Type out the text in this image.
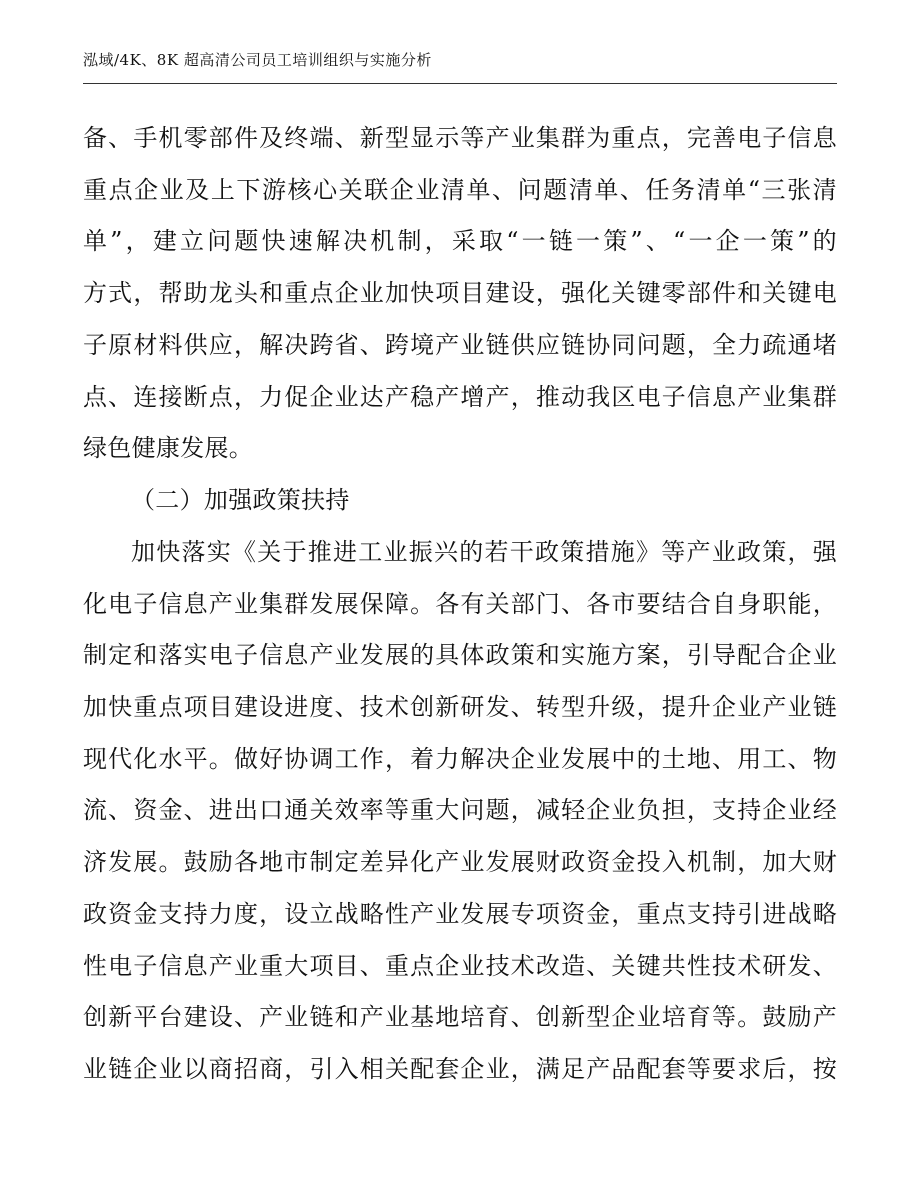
泓域/4K、8K 超高清公司员工培训组织与实施分析
备、手机零部件及终端、新型显示等产业集群为重点，完善电子信息
重点企业及上下游核心关联企业清单、问题清单、任务清单“三张清
单”，建立问题快速解决机制，采取“一链一策”、“一企一策”的
方式，帮助龙头和重点企业加快项目建设，强化关键零部件和关键电
子原材料供应，解决跨省、跨境产业链供应链协同问题，全力疏通堵
点、连接断点，力促企业达产稳产增产，推动我区电子信息产业集群
绿色健康发展。
（二）加强政策扶持
加快落实《关于推进工业振兴的若干政策措施》等产业政策，强
化电子信息产业集群发展保障。各有关部门、各市要结合自身职能，
制定和落实电子信息产业发展的具体政策和实施方案，引导配合企业
加快重点项目建设进度、技术创新研发、转型升级，提升企业产业链
现代化水平。做好协调工作，着力解决企业发展中的土地、用工、物
流、资金、进出口通关效率等重大问题，减轻企业负担，支持企业经
济发展。鼓励各地市制定差异化产业发展财政资金投入机制，加大财
政资金支持力度，设立战略性产业发展专项资金，重点支持引进战略
性电子信息产业重大项目、重点企业技术改造、关键共性技术研发、
创新平台建设、产业链和产业基地培育、创新型企业培育等。鼓励产
业链企业以商招商，引入相关配套企业，满足产品配套等要求后，按
